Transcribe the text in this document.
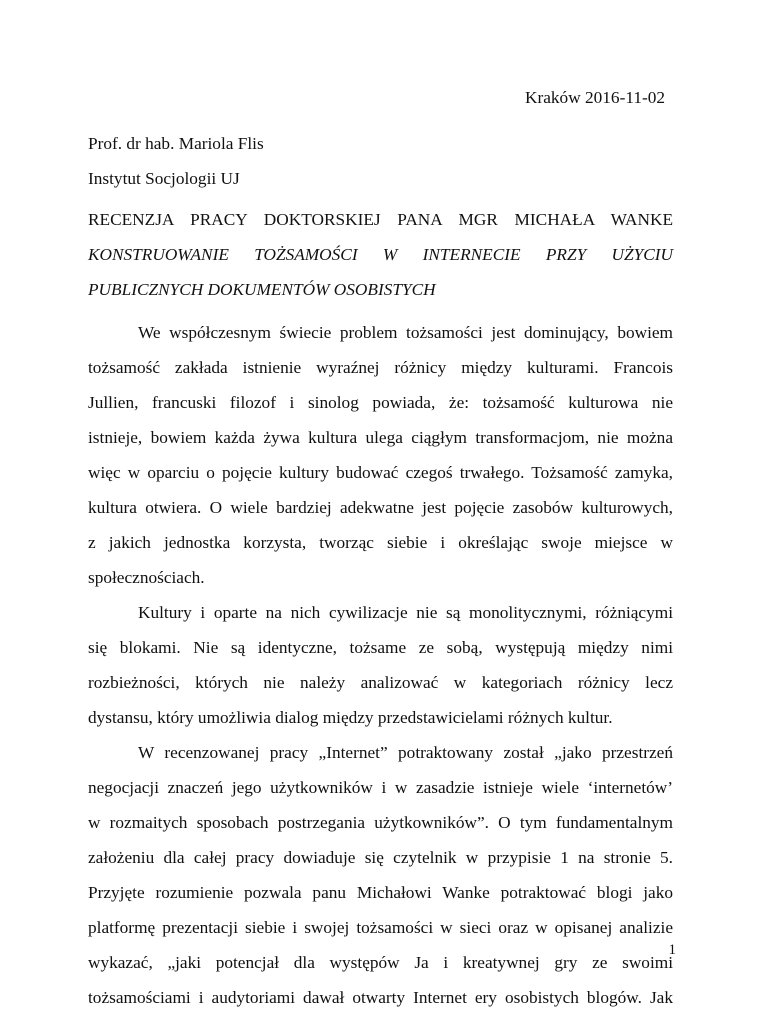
Kraków 2016-11-02
Prof. dr hab. Mariola Flis
Instytut Socjologii UJ
RECENZJA PRACY DOKTORSKIEJ PANA MGR MICHAŁA WANKE
KONSTRUOWANIE TOŻSAMOŚCI W INTERNECIE PRZY UŻYCIU
PUBLICZNYCH DOKUMENTÓW OSOBISTYCH
We współczesnym świecie problem tożsamości jest dominujący, bowiem
tożsamość zakłada istnienie wyraźnej różnicy między kulturami. Francois
Jullien, francuski filozof i sinolog powiada, że: tożsamość kulturowa nie
istnieje, bowiem każda żywa kultura ulega ciągłym transformacjom, nie można
więc w oparciu o pojęcie kultury budować czegoś trwałego. Tożsamość zamyka,
kultura otwiera. O wiele bardziej adekwatne jest pojęcie zasobów kulturowych,
z jakich jednostka korzysta, tworząc siebie i określając swoje miejsce w
społecznościach.
Kultury i oparte na nich cywilizacje nie są monolitycznymi, różniącymi
się blokami. Nie są identyczne, tożsame ze sobą, występują między nimi
rozbieżności, których nie należy analizować w kategoriach różnicy lecz
dystansu, który umożliwia dialog między przedstawicielami różnych kultur.
W recenzowanej pracy „Internet” potraktowany został „jako przestrzeń
negocjacji znaczeń jego użytkowników i w zasadzie istnieje wiele ‘internetów’
w rozmaitych sposobach postrzegania użytkowników”. O tym fundamentalnym
założeniu dla całej pracy dowiaduje się czytelnik w przypisie 1 na stronie 5.
Przyjęte rozumienie pozwala panu Michałowi Wanke potraktować blogi jako
platformę prezentacji siebie i swojej tożsamości w sieci oraz w opisanej analizie
wykazać, „jaki potencjał dla występów Ja i kreatywnej gry ze swoimi
tożsamościami i audytoriami dawał otwarty Internet ery osobistych blogów. Jak
1
